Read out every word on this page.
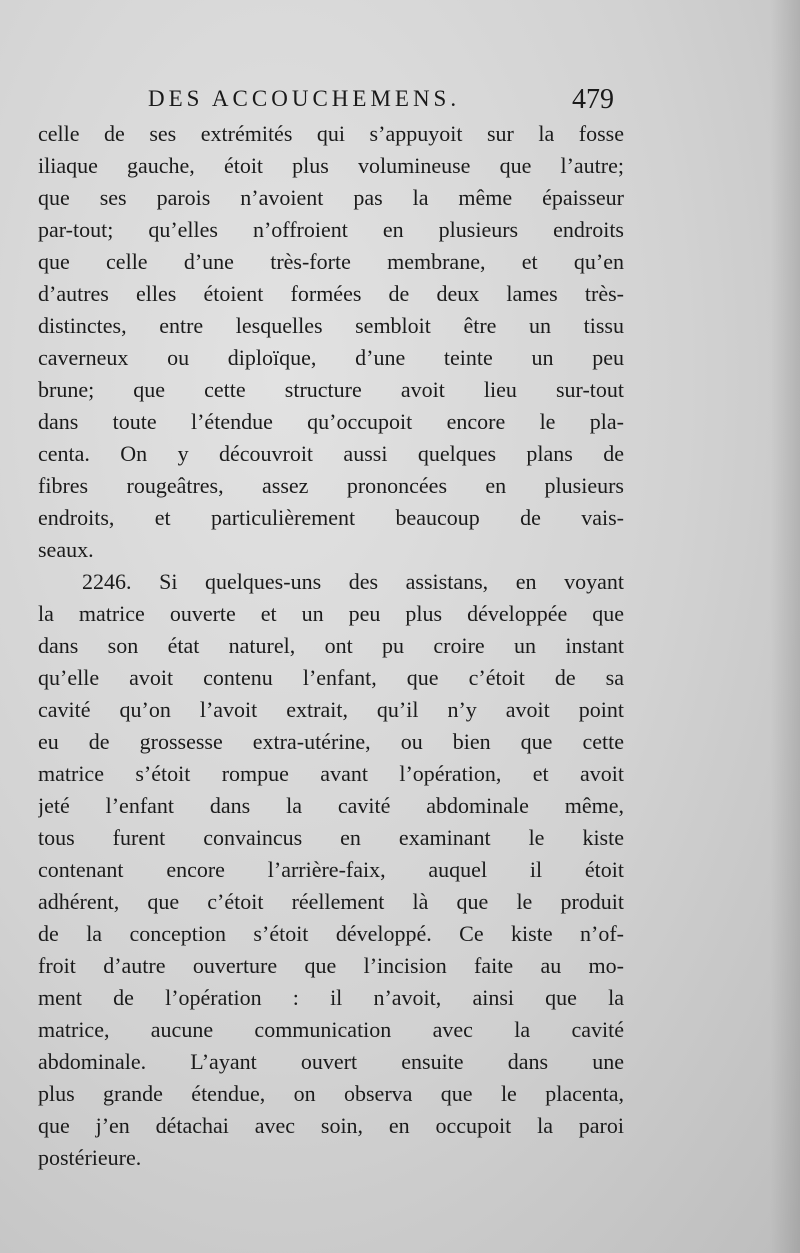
DES ACCOUCHEMENS.	479
celle de ses extrémités qui s’appuyoit sur la fosse
iliaque gauche, étoit plus volumineuse que l’autre;
que ses parois n’avoient pas la même épaisseur
par-tout; qu’elles n’offroient en plusieurs endroits
que celle d’une très-forte membrane, et qu’en
d’autres elles étoient formées de deux lames très-
distinctes, entre lesquelles sembloit être un tissu
caverneux ou diploïque, d’une teinte un peu
brune; que cette structure avoit lieu sur-tout
dans toute l’étendue qu’occupoit encore le pla-
centa. On y découvroit aussi quelques plans de
fibres rougeâtres, assez prononcées en plusieurs
endroits, et particulièrement beaucoup de vais-
seaux.
2246. Si quelques-uns des assistans, en voyant
la matrice ouverte et un peu plus développée que
dans son état naturel, ont pu croire un instant
qu’elle avoit contenu l’enfant, que c’étoit de sa
cavité qu’on l’avoit extrait, qu’il n’y avoit point
eu de grossesse extra-utérine, ou bien que cette
matrice s’étoit rompue avant l’opération, et avoit
jeté l’enfant dans la cavité abdominale même,
tous furent convaincus en examinant le kiste
contenant encore l’arrière-faix, auquel il étoit
adhérent, que c’étoit réellement là que le produit
de la conception s’étoit développé. Ce kiste n’of-
froit d’autre ouverture que l’incision faite au mo-
ment de l’opération : il n’avoit, ainsi que la
matrice, aucune communication avec la cavité
abdominale. L’ayant ouvert ensuite dans une
plus grande étendue, on observa que le placenta,
que j’en détachai avec soin, en occupoit la paroi
postérieure.
